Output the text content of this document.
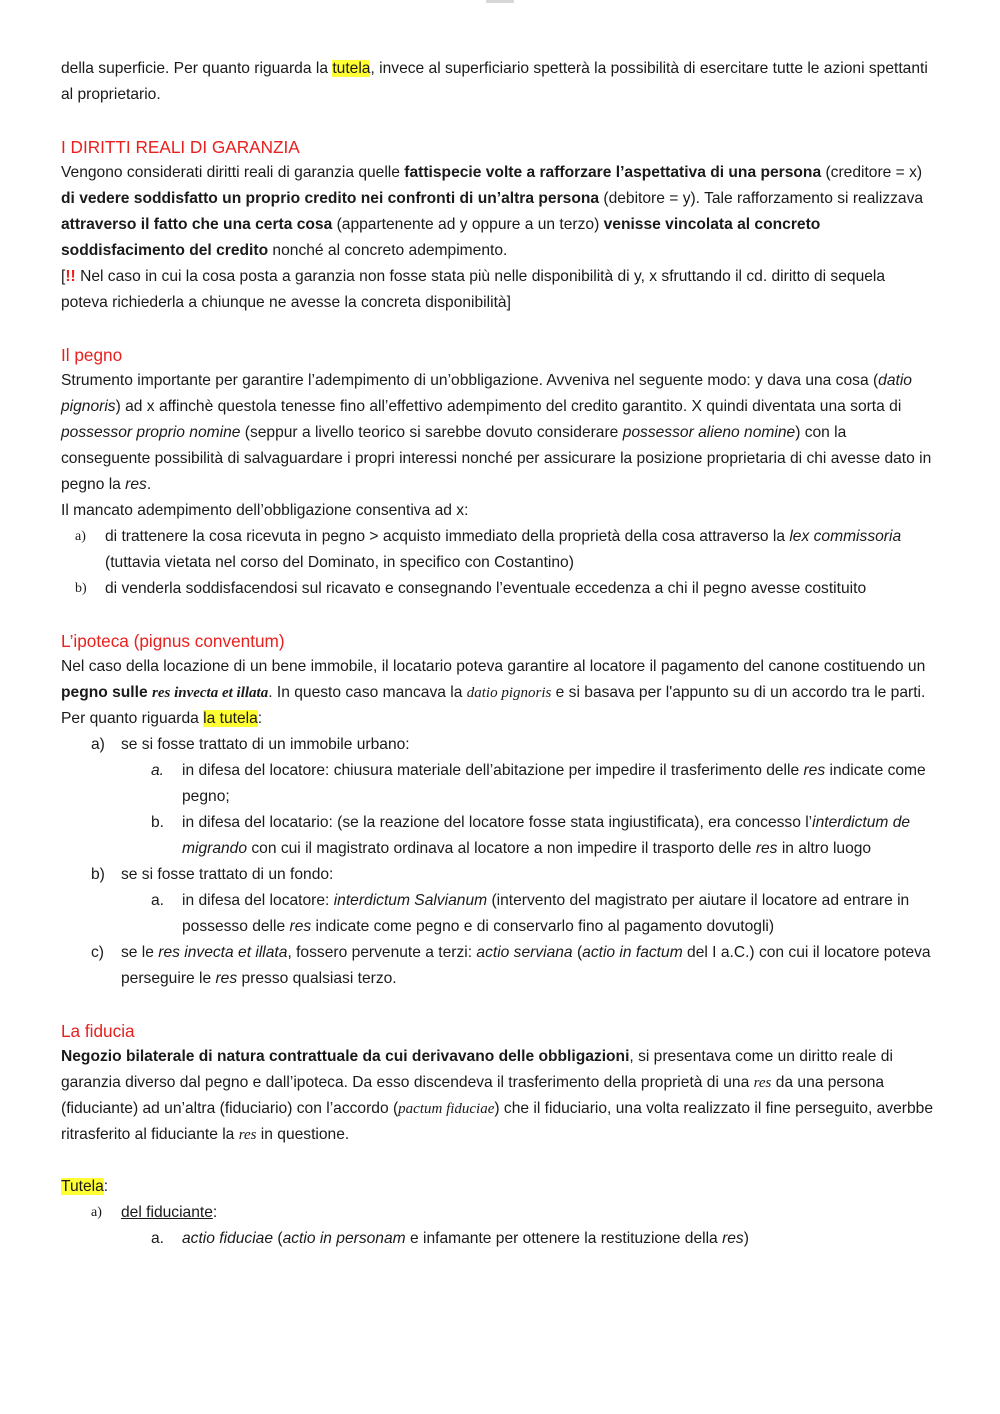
della superficie. Per quanto riguarda la tutela, invece al superficiario spetterà la possibilità di esercitare tutte le azioni spettanti al proprietario.

I DIRITTI REALI DI GARANZIA

Vengono considerati diritti reali di garanzia quelle fattispecie volte a rafforzare l’aspettativa di una persona (creditore = x) di vedere soddisfatto un proprio credito nei confronti di un’altra persona (debitore = y). Tale rafforzamento si realizzava attraverso il fatto che una certa cosa (appartenente ad y oppure a un terzo) venisse vincolata al concreto soddisfacimento del credito nonché al concreto adempimento.

[!! Nel caso in cui la cosa posta a garanzia non fosse stata più nelle disponibilità di y, x sfruttando il cd. diritto di sequela poteva richiederla a chiunque ne avesse la concreta disponibilità]

Il pegno

Strumento importante per garantire l’adempimento di un’obbligazione. Avveniva nel seguente modo: y dava una cosa (datio pignoris) ad x affinchè questola tenesse fino all’effettivo adempimento del credito garantito. X quindi diventata una sorta di possessor proprio nomine (seppur a livello teorico si sarebbe dovuto considerare possessor alieno nomine) con la conseguente possibilità di salvaguardare i propri interessi nonché per assicurare la posizione proprietaria di chi avesse dato in pegno la res.

Il mancato adempimento dell’obbligazione consentiva ad x:

a)	di trattenere la cosa ricevuta in pegno > acquisto immediato della proprietà della cosa attraverso la lex commissoria (tuttavia vietata nel corso del Dominato, in specifico con Costantino)
b)	di venderla soddisfacendosi sul ricavato e consegnando l’eventuale eccedenza a chi il pegno avesse costituito

L’ipoteca (pignus conventum)

Nel caso della locazione di un bene immobile, il locatario poteva garantire al locatore il pagamento del canone costituendo un pegno sulle res invecta et illata. In questo caso mancava la datio pignoris e si basava per l'appunto su di un accordo tra le parti.

Per quanto riguarda la tutela:

a)	se si fosse trattato di un immobile urbano:
a.	in difesa del locatore: chiusura materiale dell’abitazione per impedire il trasferimento delle res indicate come pegno;
b.	in difesa del locatario: (se la reazione del locatore fosse stata ingiustificata), era concesso l’interdictum de migrando con cui il magistrato ordinava al locatore a non impedire il trasporto delle res in altro luogo
b)	se si fosse trattato di un fondo:
a.	in difesa del locatore: interdictum Salvianum (intervento del magistrato per aiutare il locatore ad entrare in possesso delle res indicate come pegno e di conservarlo fino al pagamento dovutogli)
c)	se le res invecta et illata, fossero pervenute a terzi: actio serviana (actio in factum del I a.C.) con cui il locatore poteva perseguire le res presso qualsiasi terzo.

La fiducia

Negozio bilaterale di natura contrattuale da cui derivavano delle obbligazioni, si presentava come un diritto reale di garanzia diverso dal pegno e dall’ipoteca. Da esso discendeva il trasferimento della proprietà di una res da una persona (fiduciante) ad un’altra (fiduciario) con l’accordo (pactum fiduciae) che il fiduciario, una volta realizzato il fine perseguito, averbbe ritrasferito al fiduciante la res in questione.

Tutela:

a)	del fiduciante:
a.	actio fiduciae (actio in personam e infamante per ottenere la restituzione della res)
